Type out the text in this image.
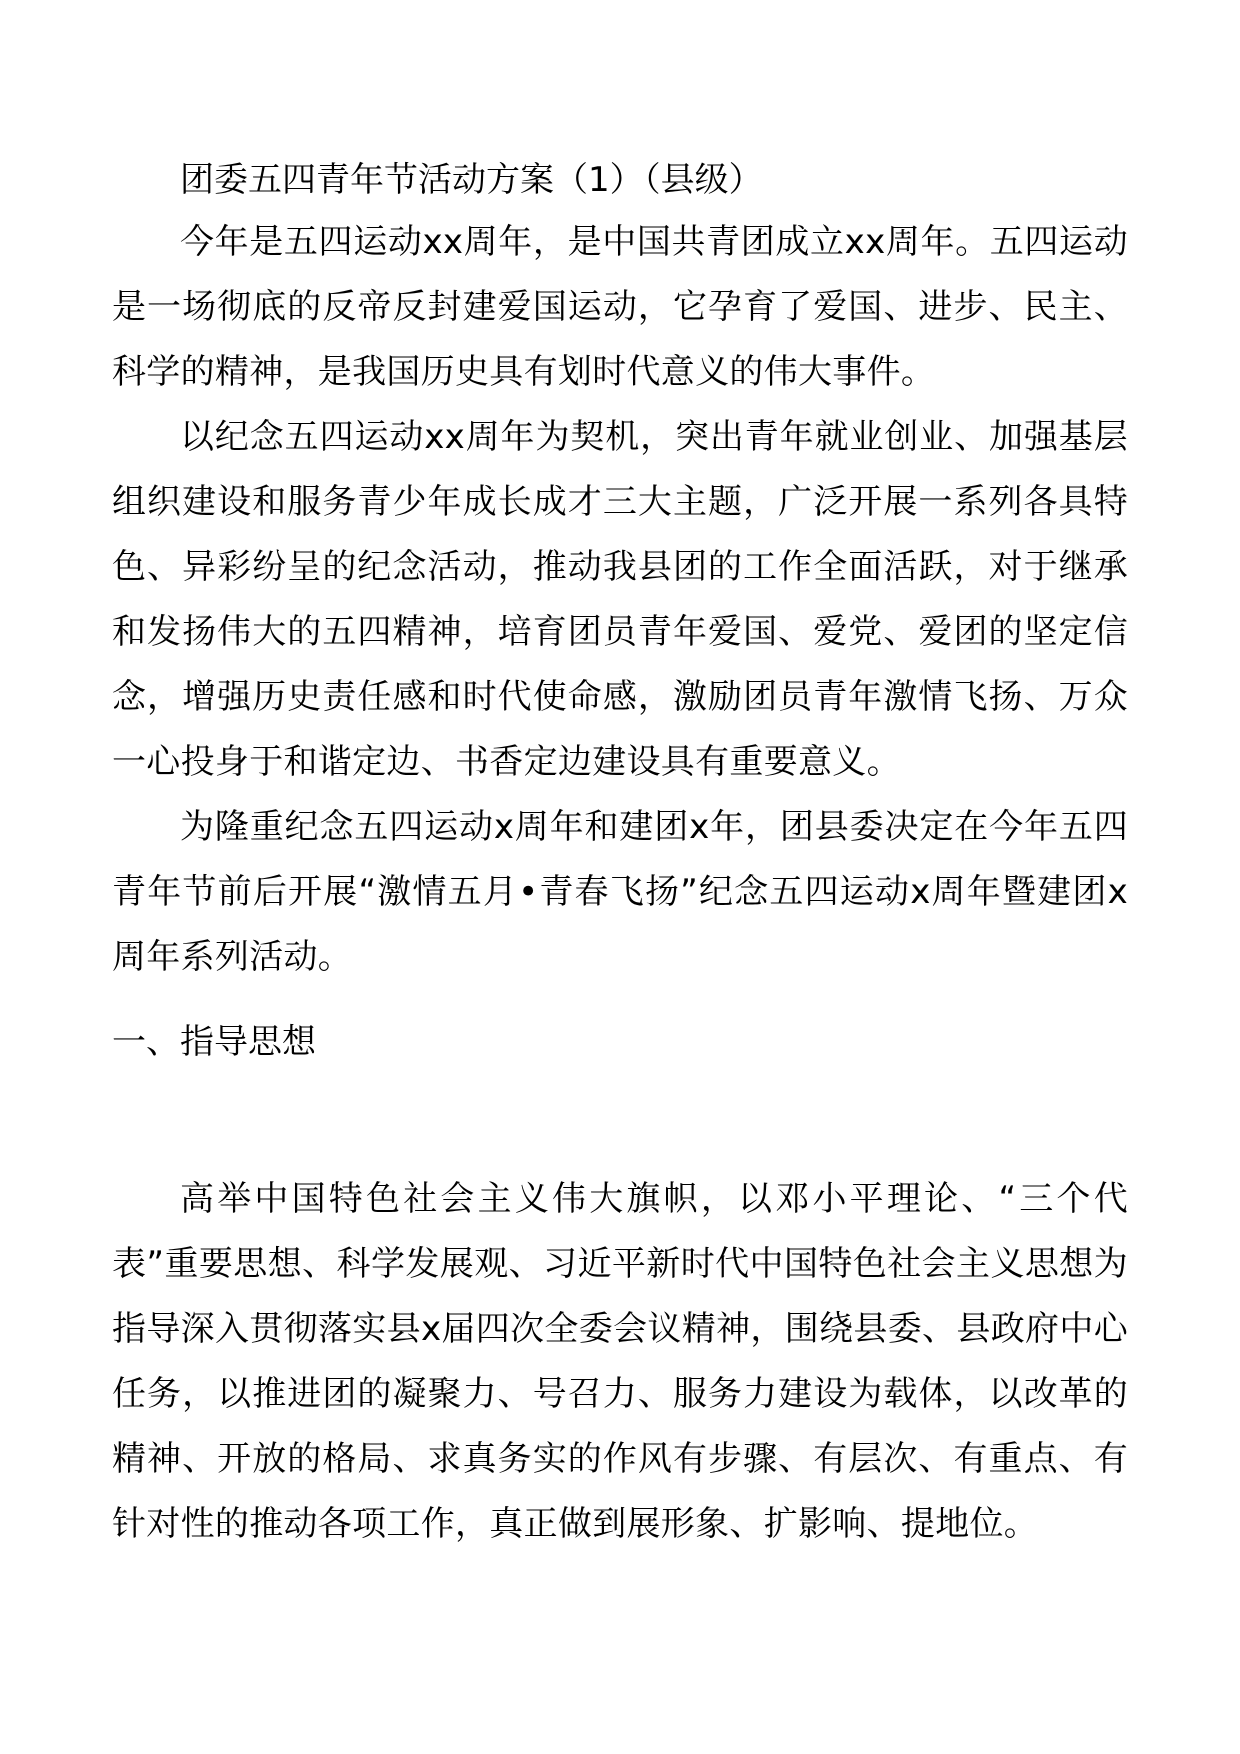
团委五四青年节活动方案（1）（县级）

今年是五四运动xx周年，是中国共青团成立xx周年。五四运动是一场彻底的反帝反封建爱国运动，它孕育了爱国、进步、民主、科学的精神，是我国历史具有划时代意义的伟大事件。

以纪念五四运动xx周年为契机，突出青年就业创业、加强基层组织建设和服务青少年成长成才三大主题，广泛开展一系列各具特色、异彩纷呈的纪念活动，推动我县团的工作全面活跃，对于继承和发扬伟大的五四精神，培育团员青年爱国、爱党、爱团的坚定信念，增强历史责任感和时代使命感，激励团员青年激情飞扬、万众一心投身于和谐定边、书香定边建设具有重要意义。

为隆重纪念五四运动x周年和建团x年，团县委决定在今年五四青年节前后开展“激情五月•青春飞扬”纪念五四运动x周年暨建团x周年系列活动。

一、指导思想

高举中国特色社会主义伟大旗帜，以邓小平理论、“三个代表”重要思想、科学发展观、习近平新时代中国特色社会主义思想为指导深入贯彻落实县x届四次全委会议精神，围绕县委、县政府中心任务，以推进团的凝聚力、号召力、服务力建设为载体，以改革的精神、开放的格局、求真务实的作风有步骤、有层次、有重点、有针对性的推动各项工作，真正做到展形象、扩影响、提地位。
